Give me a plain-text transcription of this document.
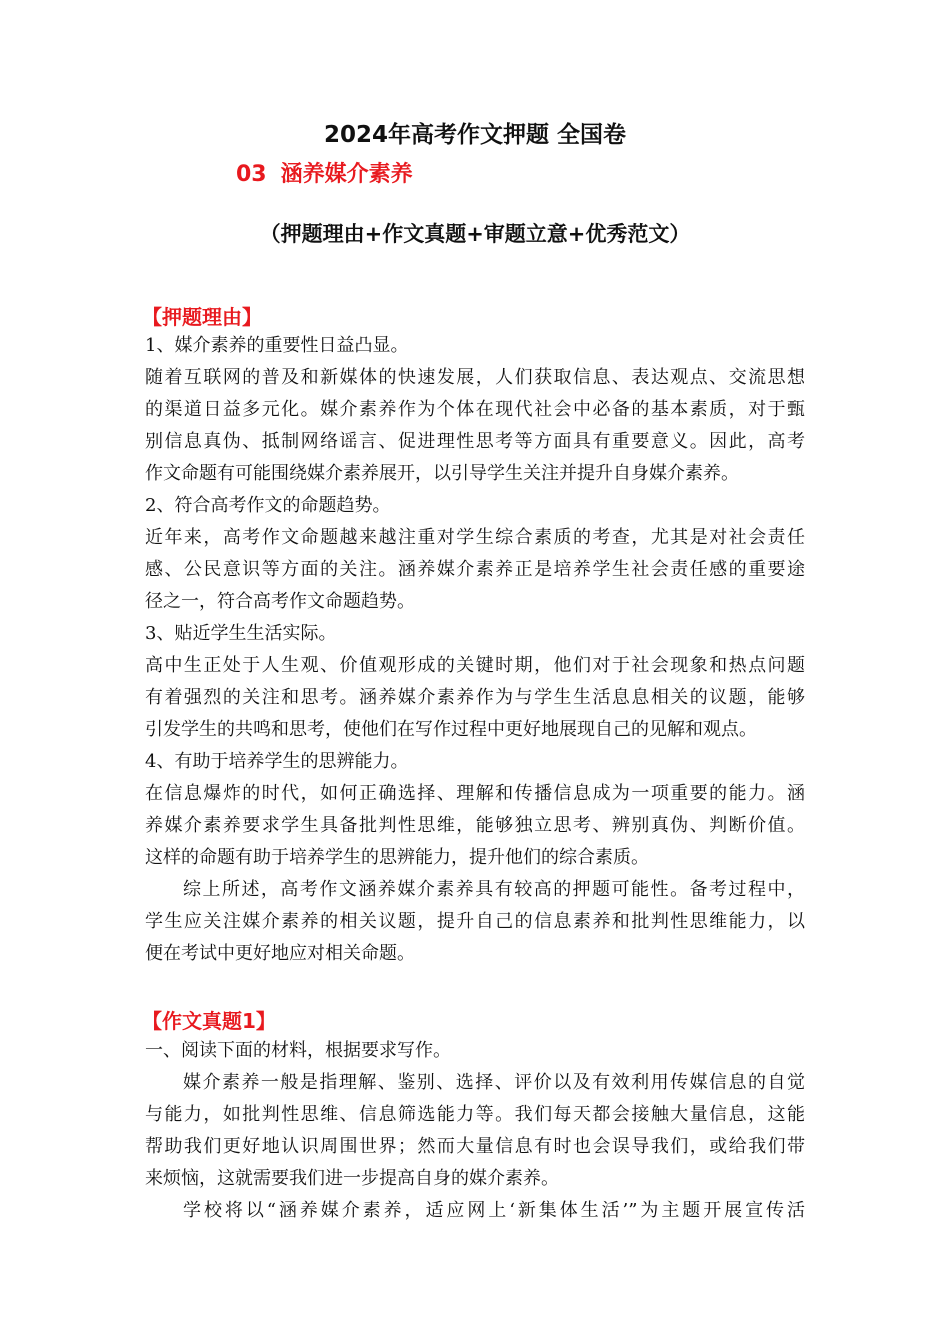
2024年高考作文押题 全国卷
03 涵养媒介素养
（押题理由+作文真题+审题立意+优秀范文）
【押题理由】
1、媒介素养的重要性日益凸显。
随着互联网的普及和新媒体的快速发展，人们获取信息、表达观点、交流思想
的渠道日益多元化。媒介素养作为个体在现代社会中必备的基本素质，对于甄
别信息真伪、抵制网络谣言、促进理性思考等方面具有重要意义。因此，高考
作文命题有可能围绕媒介素养展开，以引导学生关注并提升自身媒介素养。
2、符合高考作文的命题趋势。
近年来，高考作文命题越来越注重对学生综合素质的考查，尤其是对社会责任
感、公民意识等方面的关注。涵养媒介素养正是培养学生社会责任感的重要途
径之一，符合高考作文命题趋势。
3、贴近学生生活实际。
高中生正处于人生观、价值观形成的关键时期，他们对于社会现象和热点问题
有着强烈的关注和思考。涵养媒介素养作为与学生生活息息相关的议题，能够
引发学生的共鸣和思考，使他们在写作过程中更好地展现自己的见解和观点。
4、有助于培养学生的思辨能力。
在信息爆炸的时代，如何正确选择、理解和传播信息成为一项重要的能力。涵
养媒介素养要求学生具备批判性思维，能够独立思考、辨别真伪、判断价值。
这样的命题有助于培养学生的思辨能力，提升他们的综合素质。
综上所述，高考作文涵养媒介素养具有较高的押题可能性。备考过程中，
学生应关注媒介素养的相关议题，提升自己的信息素养和批判性思维能力，以
便在考试中更好地应对相关命题。
【作文真题1】
一、阅读下面的材料，根据要求写作。
媒介素养一般是指理解、鉴别、选择、评价以及有效利用传媒信息的自觉
与能力，如批判性思维、信息筛选能力等。我们每天都会接触大量信息，这能
帮助我们更好地认识周围世界；然而大量信息有时也会误导我们，或给我们带
来烦恼，这就需要我们进一步提高自身的媒介素养。
学校将以“涵养媒介素养，适应网上‘新集体生活’”为主题开展宣传活
